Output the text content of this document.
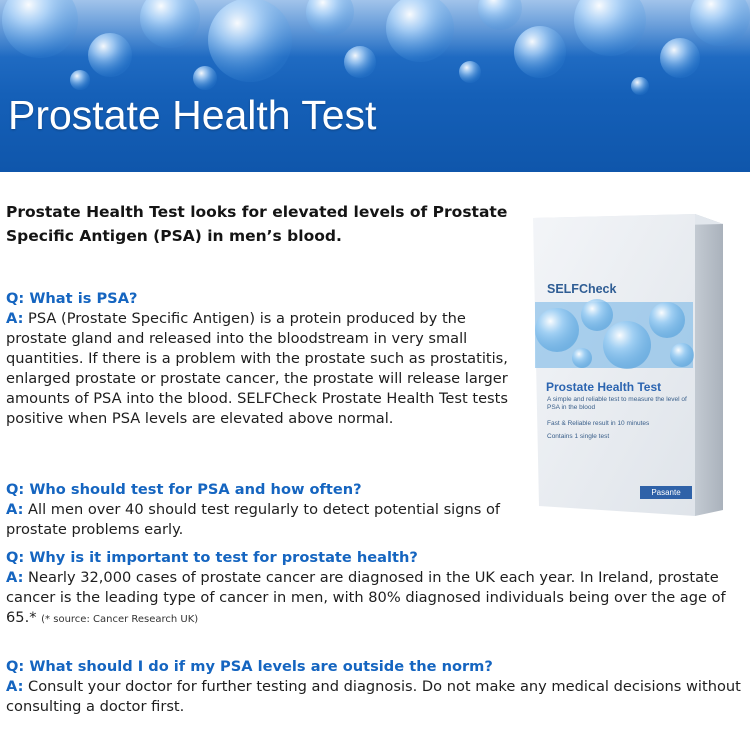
Prostate Health Test
Prostate Health Test looks for elevated levels of Prostate Specific Antigen (PSA) in men’s blood.
SELFCheck
Prostate Health Test
A simple and reliable test to measure the level of PSA in the blood
Fast & Reliable result in 10 minutes
Contains 1 single test
Pasante
Q: What is PSA?
A: PSA (Prostate Specific Antigen) is a protein produced by the prostate gland and released into the bloodstream in very small quantities. If there is a problem with the prostate such as prostatitis, enlarged prostate or prostate cancer, the prostate will release larger amounts of PSA into the blood. SELFCheck Prostate Health Test tests positive when PSA levels are elevated above normal.
Q: Who should test for PSA and how often?
A: All men over 40 should test regularly to detect potential signs of prostate problems early.
Q: Why is it important to test for prostate health?
A: Nearly 32,000 cases of prostate cancer are diagnosed in the UK each year. In Ireland, prostate cancer is the leading type of cancer in men, with 80% diagnosed individuals being over the age of 65.* (* source: Cancer Research UK)
Q: What should I do if my PSA levels are outside the norm?
A: Consult your doctor for further testing and diagnosis. Do not make any medical decisions without consulting a doctor first.
